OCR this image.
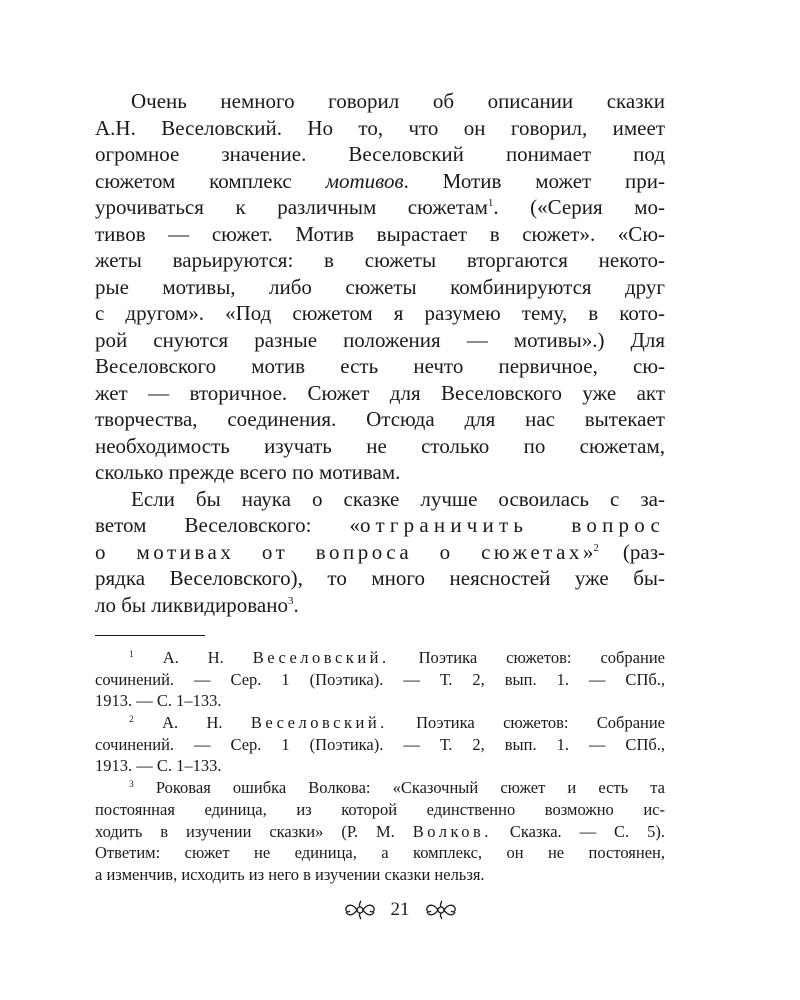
Очень немного говорил об описании сказки
А.Н. Веселовский. Но то, что он говорил, имеет
огромное значение. Веселовский понимает под
сюжетом комплекс мотивов. Мотив может при-
урочиваться к различным сюжетам$^1$. («Серия мо-
тивов — сюжет. Мотив вырастает в сюжет». «Сю-
жеты варьируются: в сюжеты вторгаются некото-
рые мотивы, либо сюжеты комбинируются друг
с другом». «Под сюжетом я разумею тему, в кото-
рой снуются разные положения — мотивы».) Для
Веселовского мотив есть нечто первичное, сю-
жет — вторичное. Сюжет для Веселовского уже акт
творчества, соединения. Отсюда для нас вытекает
необходимость изучать не столько по сюжетам,
сколько прежде всего по мотивам.
Если бы наука о сказке лучше освоилась с за-
ветом Веселовского: «отграничить вопрос
о мотивах от вопроса о сюжетах»$^2$ (раз-
рядка Веселовского), то много неясностей уже бы-
ло бы ликвидировано$^3$.
$^1$ А. Н. Веселовский. Поэтика сюжетов: собрание
сочинений. — Сер. 1 (Поэтика). — Т. 2, вып. 1. — СПб.,
1913. — С. 1–133.
$^2$ А. Н. Веселовский. Поэтика сюжетов: Собрание
сочинений. — Сер. 1 (Поэтика). — Т. 2, вып. 1. — СПб.,
1913. — С. 1–133.
$^3$ Роковая ошибка Волкова: «Сказочный сюжет и есть та
постоянная единица, из которой единственно возможно ис-
ходить в изучении сказки» (Р. М. Волков. Сказка. — С. 5).
Ответим: сюжет не единица, а комплекс, он не постоянен,
а изменчив, исходить из него в изучении сказки нельзя.
21
